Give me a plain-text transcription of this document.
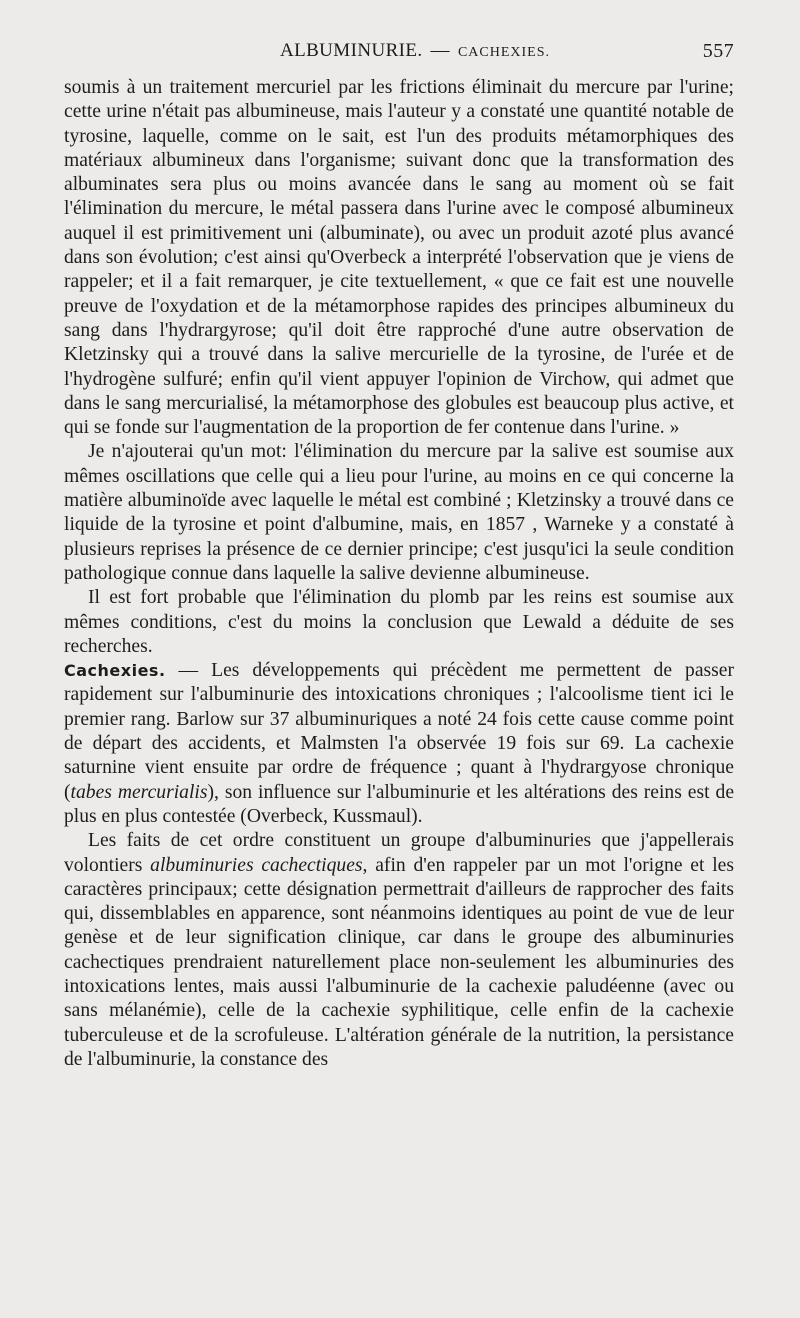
ALBUMINURIE. — CACHEXIES.	557

soumis à un traitement mercuriel par les frictions éliminait du mercure par l'urine; cette urine n'était pas albumineuse, mais l'auteur y a constaté une quantité notable de tyrosine, laquelle, comme on le sait, est l'un des produits métamorphiques des matériaux albumineux dans l'organisme; suivant donc que la transformation des albuminates sera plus ou moins avancée dans le sang au moment où se fait l'élimination du mercure, le métal passera dans l'urine avec le composé albumineux auquel il est primitivement uni (albuminate), ou avec un produit azoté plus avancé dans son évolution; c'est ainsi qu'Overbeck a interprété l'observation que je viens de rappeler; et il a fait remarquer, je cite textuellement, « que ce fait est une nouvelle preuve de l'oxydation et de la métamorphose rapides des principes albumineux du sang dans l'hydrargyrose; qu'il doit être rapproché d'une autre observation de Kletzinsky qui a trouvé dans la salive mercurielle de la tyrosine, de l'urée et de l'hydrogène sulfuré; enfin qu'il vient appuyer l'opinion de Virchow, qui admet que dans le sang mercurialisé, la métamorphose des globules est beaucoup plus active, et qui se fonde sur l'augmentation de la proportion de fer contenue dans l'urine. »

Je n'ajouterai qu'un mot: l'élimination du mercure par la salive est soumise aux mêmes oscillations que celle qui a lieu pour l'urine, au moins en ce qui concerne la matière albuminoïde avec laquelle le métal est combiné ; Kletzinsky a trouvé dans ce liquide de la tyrosine et point d'albumine, mais, en 1857 , Warneke y a constaté à plusieurs reprises la présence de ce dernier principe; c'est jusqu'ici la seule condition pathologique connue dans laquelle la salive devienne albumineuse.

Il est fort probable que l'élimination du plomb par les reins est soumise aux mêmes conditions, c'est du moins la conclusion que Lewald a déduite de ses recherches.

Cachexies. — Les développements qui précèdent me permettent de passer rapidement sur l'albuminurie des intoxications chroniques ; l'alcoolisme tient ici le premier rang. Barlow sur 37 albuminuriques a noté 24 fois cette cause comme point de départ des accidents, et Malmsten l'a observée 19 fois sur 69. La cachexie saturnine vient ensuite par ordre de fréquence ; quant à l'hydrargyose chronique (tabes mercurialis), son influence sur l'albuminurie et les altérations des reins est de plus en plus contestée (Overbeck, Kussmaul).

Les faits de cet ordre constituent un groupe d'albuminuries que j'appellerais volontiers albuminuries cachectiques, afin d'en rappeler par un mot l'origne et les caractères principaux; cette désignation permettrait d'ailleurs de rapprocher des faits qui, dissemblables en apparence, sont néanmoins identiques au point de vue de leur genèse et de leur signification clinique, car dans le groupe des albuminuries cachectiques prendraient naturellement place non-seulement les albuminuries des intoxications lentes, mais aussi l'albuminurie de la cachexie paludéenne (avec ou sans mélanémie), celle de la cachexie syphilitique, celle enfin de la cachexie tuberculeuse et de la scrofuleuse. L'altération générale de la nutrition, la persistance de l'albuminurie, la constance des
